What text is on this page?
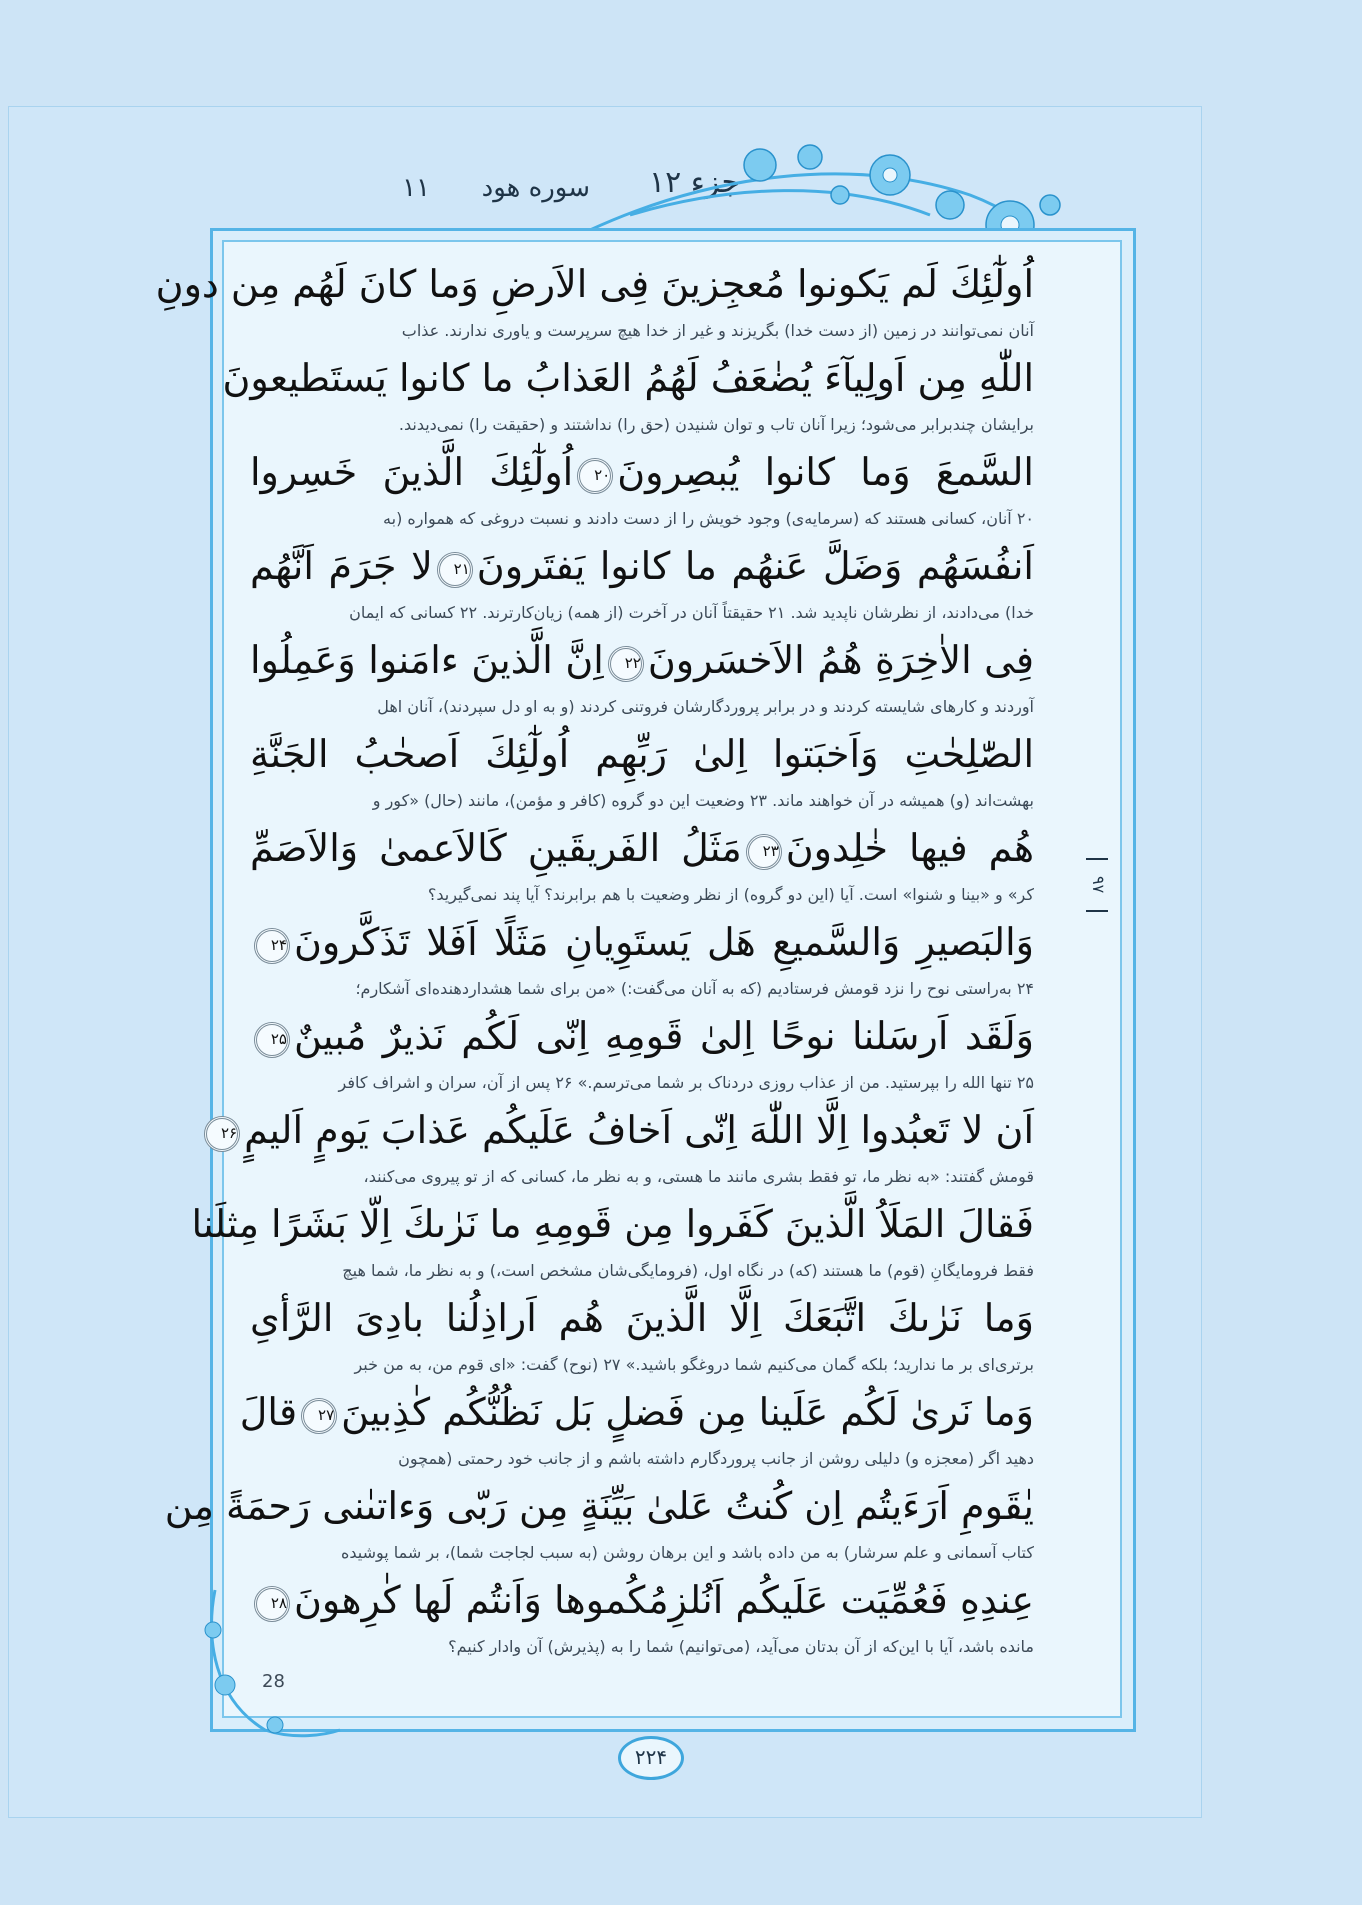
جزء ۱۲
سوره هود
۱۱
اُولٰٓئِكَ لَم يَكونوا مُعجِزينَ فِى الاَرضِ وَما كانَ لَهُم مِن دونِ
آنان نمی‌توانند در زمین (از دست خدا) بگریزند و غیر از خدا هیچ سرپرست و یاوری ندارند. عذاب
اللّٰهِ مِن اَولِيآءَ يُضٰعَفُ لَهُمُ العَذابُ ما كانوا يَستَطيعونَ
برایشان چندبرابر می‌شود؛ زیرا آنان تاب و توان شنیدن (حق را) نداشتند و (حقیقت را) نمی‌دیدند.
السَّمعَ وَما كانوا يُبصِرونَ۲۰اُولٰٓئِكَ الَّذينَ خَسِروا
۲۰ آنان، کسانی هستند که (سرمایه‌ی) وجود خویش را از دست دادند و نسبت دروغی که همواره (به
اَنفُسَهُم وَضَلَّ عَنهُم ما كانوا يَفتَرونَ۲۱لا جَرَمَ اَنَّهُم
خدا) می‌دادند، از نظرشان ناپدید شد. ۲۱ حقیقتاً آنان در آخرت (از همه) زیان‌کارترند. ۲۲ کسانی که ایمان
فِى الاٰخِرَةِ هُمُ الاَخسَرونَ۲۲اِنَّ الَّذينَ ءامَنوا وَعَمِلُوا
آوردند و کارهای شایسته کردند و در برابر پروردگارشان فروتنی کردند (و به او دل سپردند)، آنان اهل
الصّٰلِحٰتِ وَاَخبَتوا اِلىٰ رَبِّهِم اُولٰٓئِكَ اَصحٰبُ الجَنَّةِ
بهشت‌اند (و) همیشه در آن خواهند ماند. ۲۳ وضعیت این دو گروه (کافر و مؤمن)، مانند (حال) «کور و
هُم فيها خٰلِدونَ۲۳مَثَلُ الفَريقَينِ كَالاَعمىٰ وَالاَصَمِّ
کر» و «بینا و شنوا» است. آیا (این دو گروه) از نظر وضعیت با هم برابرند؟ آیا پند نمی‌گیرید؟
وَالبَصيرِ وَالسَّميعِ هَل يَستَوِيانِ مَثَلًا اَفَلا تَذَكَّرونَ۲۴
۲۴ به‌راستی نوح را نزد قومش فرستادیم (که به آنان می‌گفت:) «من برای شما هشداردهنده‌ای آشکارم؛
وَلَقَد اَرسَلنا نوحًا اِلىٰ قَومِهِ اِنّى لَكُم نَذيرٌ مُبينٌ۲۵
۲۵ تنها الله را بپرستید. من از عذاب روزی دردناک بر شما می‌ترسم.» ۲۶ پس از آن، سران و اشراف کافر
اَن لا تَعبُدوا اِلَّا اللّٰهَ اِنّى اَخافُ عَلَيكُم عَذابَ يَومٍ اَليمٍ۲۶
قومش گفتند: «به نظر ما، تو فقط بشری مانند ما هستی، و به نظر ما، کسانی که از تو پیروی می‌کنند،
فَقالَ المَلَاُ الَّذينَ كَفَروا مِن قَومِهِ ما نَرٰىكَ اِلّا بَشَرًا مِثلَنا
فقط فرومایگانِ (قوم) ما هستند (که) در نگاه اول، (فرومایگی‌شان مشخص است،) و به نظر ما، شما هیچ
وَما نَرٰىكَ اتَّبَعَكَ اِلَّا الَّذينَ هُم اَراذِلُنا بادِىَ الرَّأىِ
برتری‌ای بر ما ندارید؛ بلکه گمان می‌کنیم شما دروغگو باشید.» ۲۷ (نوح) گفت: «ای قوم من، به من خبر
وَما نَرىٰ لَكُم عَلَينا مِن فَضلٍ بَل نَظُنُّكُم كٰذِبينَ۲۷قالَ
دهید اگر (معجزه و) دلیلی روشن از جانب پروردگارم داشته باشم و از جانب خود رحمتی (همچون
يٰقَومِ اَرَءَيتُم اِن كُنتُ عَلىٰ بَيِّنَةٍ مِن رَبّى وَءاتىٰنى رَحمَةً مِن
کتاب آسمانی و علم سرشار) به من داده باشد و این برهان روشن (به سبب لجاجت شما)، بر شما پوشیده
عِندِهِ فَعُمِّيَت عَلَيكُم اَنُلزِمُكُموها وَاَنتُم لَها كٰرِهونَ۲۸
مانده باشد، آیا با این‌که از آن بدتان می‌آید، (می‌توانیم) شما را به (پذیرش) آن وادار کنیم؟
28
۹۷
۲۲۴
